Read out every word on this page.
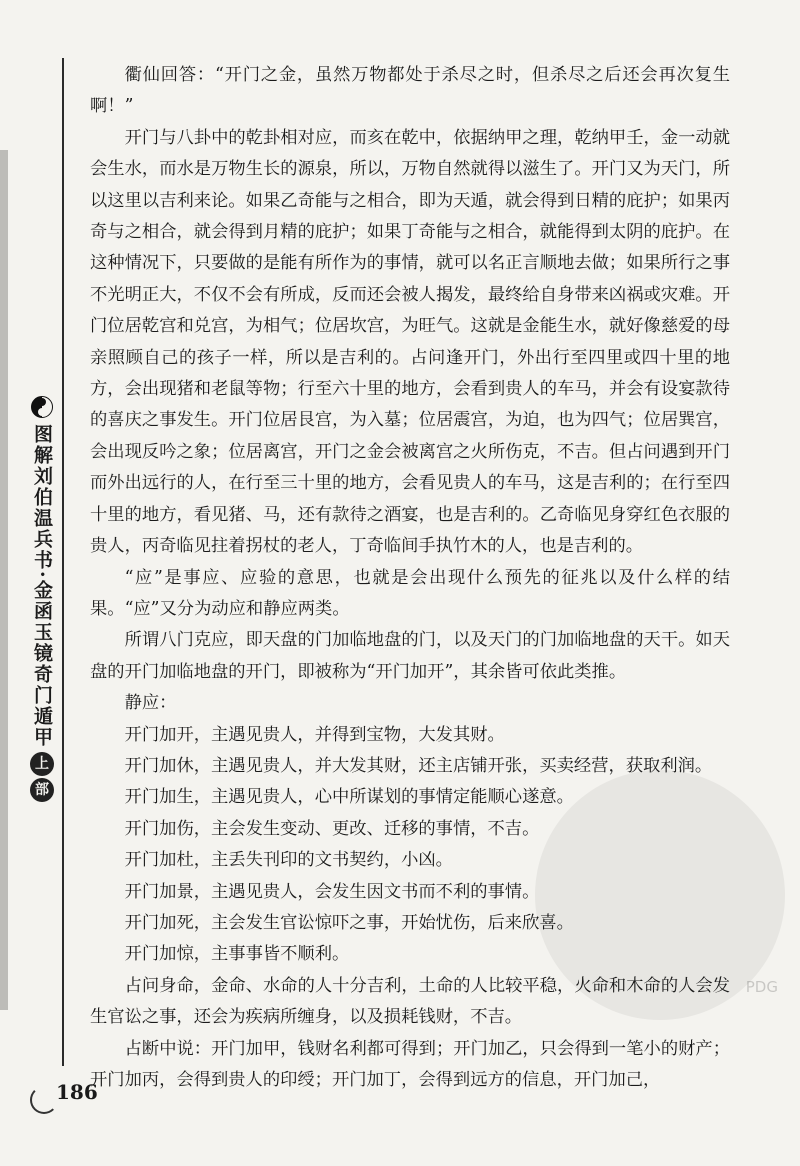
图解刘伯温兵书·金函玉镜奇门遁甲
上
部
PDG

衢仙回答：“开门之金，虽然万物都处于杀尽之时，但杀尽之后还会再次复生啊！”

开门与八卦中的乾卦相对应，而亥在乾中，依据纳甲之理，乾纳甲壬，金一动就会生水，而水是万物生长的源泉，所以，万物自然就得以滋生了。开门又为天门，所以这里以吉利来论。如果乙奇能与之相合，即为天遁，就会得到日精的庇护；如果丙奇与之相合，就会得到月精的庇护；如果丁奇能与之相合，就能得到太阴的庇护。在这种情况下，只要做的是能有所作为的事情，就可以名正言顺地去做；如果所行之事不光明正大，不仅不会有所成，反而还会被人揭发，最终给自身带来凶祸或灾难。开门位居乾宫和兑宫，为相气；位居坎宫，为旺气。这就是金能生水，就好像慈爱的母亲照顾自己的孩子一样，所以是吉利的。占问逢开门，外出行至四里或四十里的地方，会出现猪和老鼠等物；行至六十里的地方，会看到贵人的车马，并会有设宴款待的喜庆之事发生。开门位居艮宫，为入墓；位居震宫，为迫，也为四气；位居巽宫，会出现反吟之象；位居离宫，开门之金会被离宫之火所伤克，不吉。但占问遇到开门而外出远行的人，在行至三十里的地方，会看见贵人的车马，这是吉利的；在行至四十里的地方，看见猪、马，还有款待之酒宴，也是吉利的。乙奇临见身穿红色衣服的贵人，丙奇临见拄着拐杖的老人，丁奇临间手执竹木的人，也是吉利的。

“应”是事应、应验的意思，也就是会出现什么预先的征兆以及什么样的结果。“应”又分为动应和静应两类。

所谓八门克应，即天盘的门加临地盘的门，以及天门的门加临地盘的天干。如天盘的开门加临地盘的开门，即被称为“开门加开”，其余皆可依此类推。

静应：

开门加开，主遇见贵人，并得到宝物，大发其财。

开门加休，主遇见贵人，并大发其财，还主店铺开张，买卖经营，获取利润。

开门加生，主遇见贵人，心中所谋划的事情定能顺心遂意。

开门加伤，主会发生变动、更改、迁移的事情，不吉。

开门加杜，主丢失刊印的文书契约，小凶。

开门加景，主遇见贵人，会发生因文书而不利的事情。

开门加死，主会发生官讼惊吓之事，开始忧伤，后来欣喜。

开门加惊，主事事皆不顺利。

占问身命，金命、水命的人十分吉利，土命的人比较平稳，火命和木命的人会发生官讼之事，还会为疾病所缠身，以及损耗钱财，不吉。

占断中说：开门加甲，钱财名利都可得到；开门加乙，只会得到一笔小的财产；开门加丙，会得到贵人的印绶；开门加丁，会得到远方的信息，开门加己，

186
